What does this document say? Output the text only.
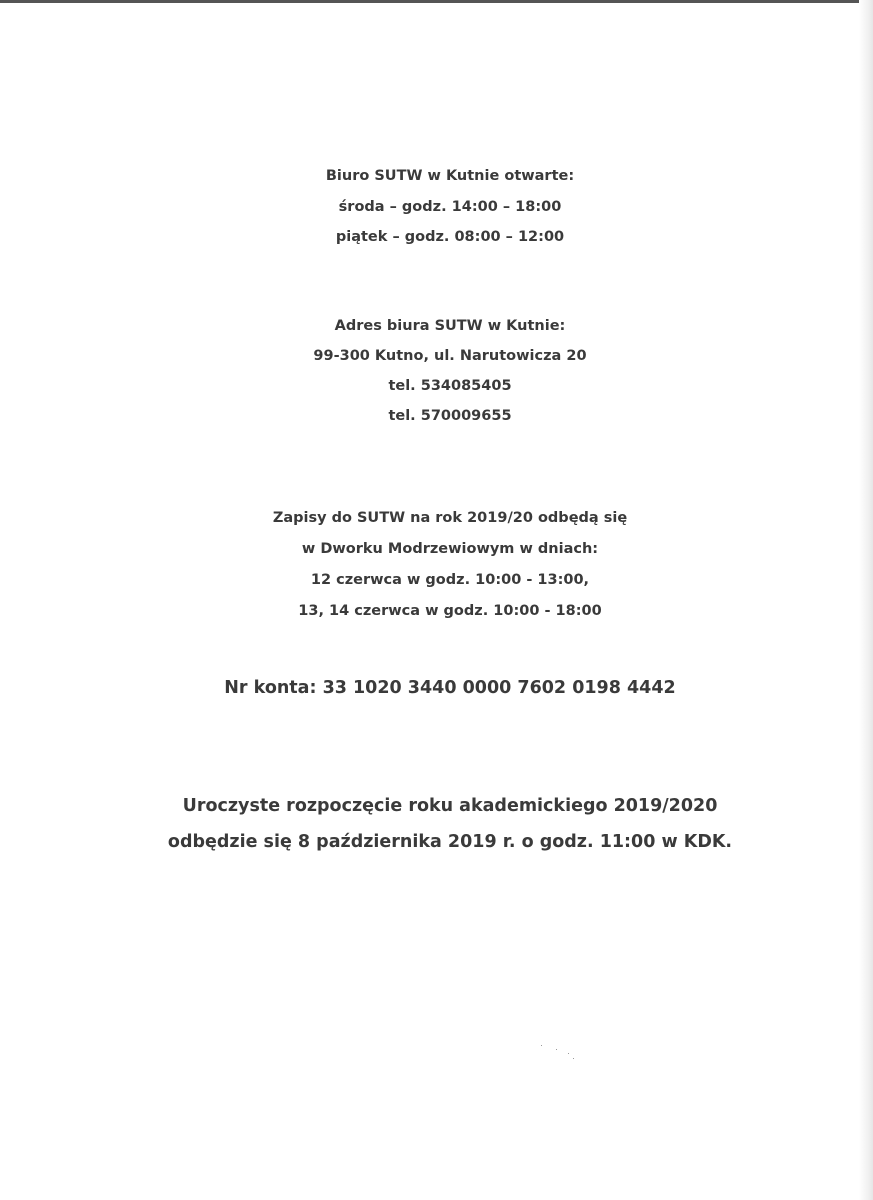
Biuro SUTW w Kutnie otwarte:
środa – godz. 14:00 – 18:00
piątek – godz. 08:00 – 12:00
Adres biura SUTW w Kutnie:
99-300 Kutno, ul. Narutowicza 20
tel. 534085405
tel. 570009655
Zapisy do SUTW na rok 2019/20 odbędą się
w Dworku Modrzewiowym w dniach:
12 czerwca w godz. 10:00 - 13:00,
13, 14 czerwca w godz. 10:00 - 18:00
Nr konta: 33 1020 3440 0000 7602 0198 4442
Uroczyste rozpoczęcie roku akademickiego 2019/2020
odbędzie się 8 października 2019 r. o godz. 11:00 w KDK.
